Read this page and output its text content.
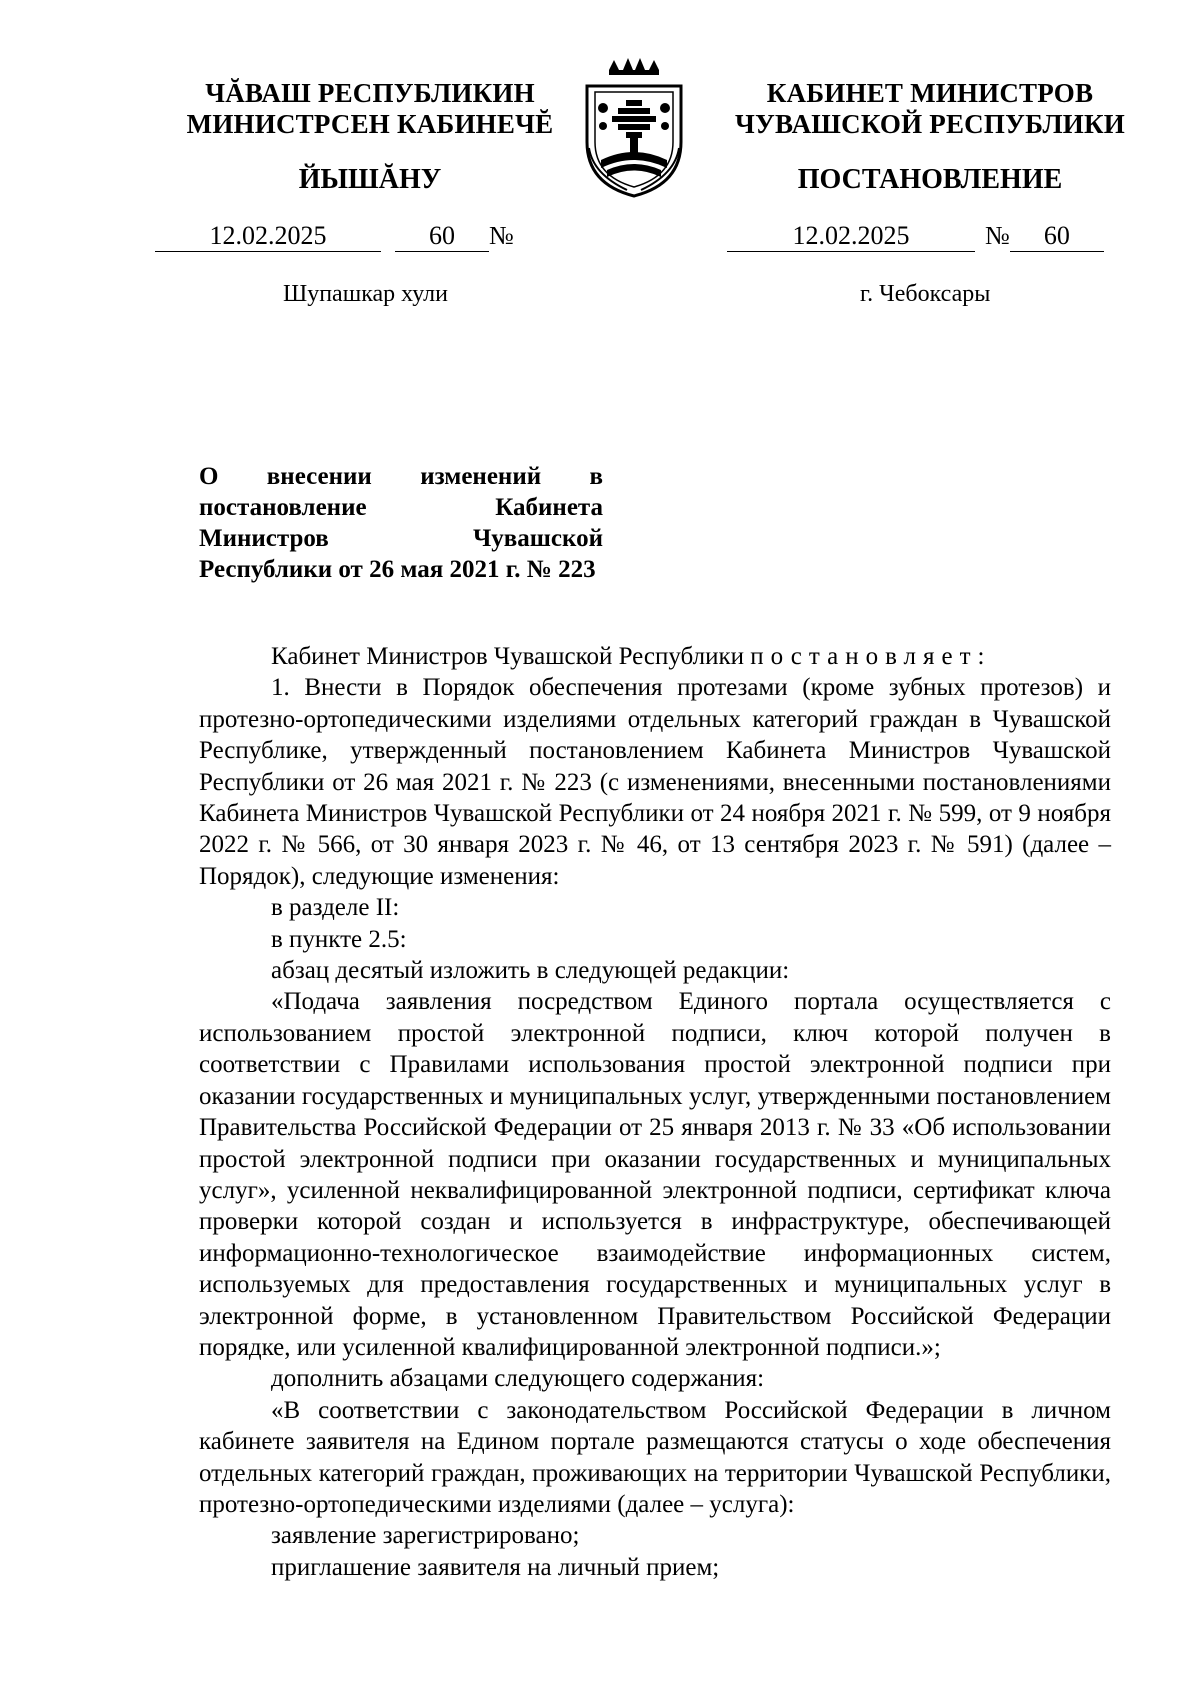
ЧĂВАШ РЕСПУБЛИКИН
МИНИСТРСЕН КАБИНЕЧĔ
ЙЫШĂНУ
КАБИНЕТ МИНИСТРОВ
ЧУВАШСКОЙ РЕСПУБЛИКИ
ПОСТАНОВЛЕНИЕ
12.02.2025	60 №	12.02.2025	№ 60
Шупашкар хули	г. Чебоксары
О внесении изменений в постановление Кабинета Министров Чувашской Республики от 26 мая 2021 г. № 223

Кабинет Министров Чувашской Республики постановляет:

1. Внести в Порядок обеспечения протезами (кроме зубных протезов) и протезно-ортопедическими изделиями отдельных категорий граждан в Чувашской Республике, утвержденный постановлением Кабинета Министров Чувашской Республики от 26 мая 2021 г. № 223 (с изменениями, внесенными постановлениями Кабинета Министров Чувашской Республики от 24 ноября 2021 г. № 599, от 9 ноября 2022 г. № 566, от 30 января 2023 г. № 46, от 13 сентября 2023 г. № 591) (далее – Порядок), следующие изменения:

в разделе II:

в пункте 2.5:

абзац десятый изложить в следующей редакции:

«Подача заявления посредством Единого портала осуществляется с использованием простой электронной подписи, ключ которой получен в соответствии с Правилами использования простой электронной подписи при оказании государственных и муниципальных услуг, утвержденными постановлением Правительства Российской Федерации от 25 января 2013 г. № 33 «Об использовании простой электронной подписи при оказании государственных и муниципальных услуг», усиленной неквалифицированной электронной подписи, сертификат ключа проверки которой создан и используется в инфраструктуре, обеспечивающей информационно-технологическое взаимодействие информационных систем, используемых для предоставления государственных и муниципальных услуг в электронной форме, в установленном Правительством Российской Федерации порядке, или усиленной квалифицированной электронной подписи.»;

дополнить абзацами следующего содержания:

«В соответствии с законодательством Российской Федерации в личном кабинете заявителя на Едином портале размещаются статусы о ходе обеспечения отдельных категорий граждан, проживающих на территории Чувашской Республики, протезно-ортопедическими изделиями (далее – услуга):

заявление зарегистрировано;

приглашение заявителя на личный прием;
